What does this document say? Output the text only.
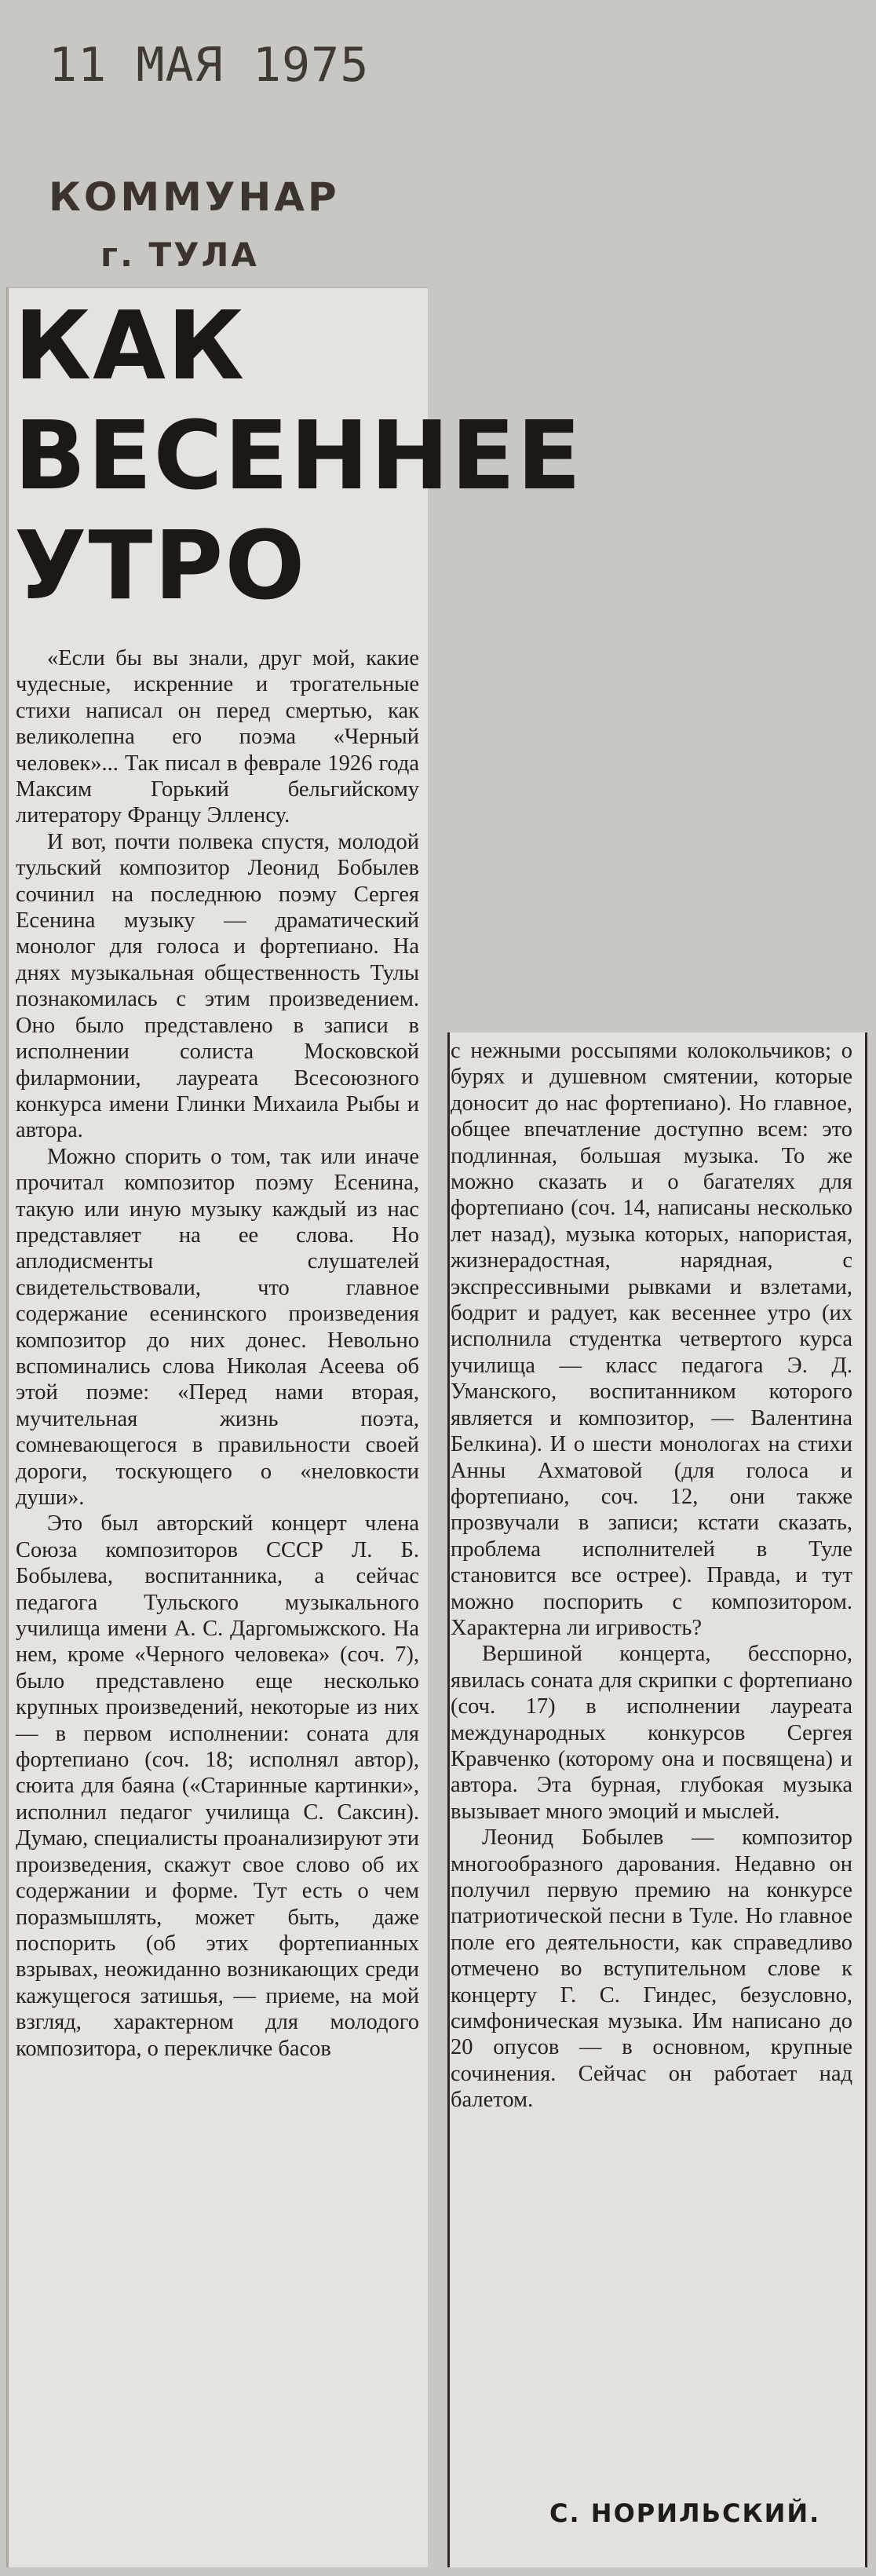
11 МАЯ 1975
КОММУНАР
г. ТУЛА
КАК
ВЕСЕННЕЕ
УТРО

«Если бы вы знали, друг мой, какие чудесные, искренние и трогательные стихи написал он перед смертью, как великолепна его поэма «Черный человек»... Так писал в феврале 1926 года Максим Горький бельгийскому литератору Францу Элленсу.

И вот, почти полвека спустя, молодой тульский композитор Леонид Бобылев сочинил на последнюю поэму Сергея Есенина музыку — драматический монолог для голоса и фортепиано. На днях музыкальная общественность Тулы познакомилась с этим произведением. Оно было представлено в записи в исполнении солиста Московской филармонии, лауреата Всесоюзного конкурса имени Глинки Михаила Рыбы и автора.

Можно спорить о том, так или иначе прочитал композитор поэму Есенина, такую или иную музыку каждый из нас представляет на ее слова. Но аплодисменты слушателей свидетельствовали, что главное содержание есенинского произведения композитор до них донес. Невольно вспоминались слова Николая Асеева об этой поэме: «Перед нами вторая, мучительная жизнь поэта, сомневающегося в правильности своей дороги, тоскующего о «неловкости души».

Это был авторский концерт члена Союза композиторов СССР Л. Б. Бобылева, воспитанника, а сейчас педагога Тульского музыкального училища имени А. С. Даргомыжского. На нем, кроме «Черного человека» (соч. 7), было представлено еще несколько крупных произведений, некоторые из них — в первом исполнении: соната для фортепиано (соч. 18; исполнял автор), сюита для баяна («Старинные картинки», исполнил педагог училища С. Саксин). Думаю, специалисты проанализируют эти произведения, скажут свое слово об их содержании и форме. Тут есть о чем поразмышлять, может быть, даже поспорить (об этих фортепианных взрывах, неожиданно возникающих среди кажущегося затишья, — приеме, на мой взгляд, характерном для молодого композитора, о перекличке басов

с нежными россыпями колокольчиков; о бурях и душевном смятении, которые доносит до нас фортепиано). Но главное, общее впечатление доступно всем: это подлинная, большая музыка. То же можно сказать и о багателях для фортепиано (соч. 14, написаны несколько лет назад), музыка которых, напористая, жизнерадостная, нарядная, с экспрессивными рывками и взлетами, бодрит и радует, как весеннее утро (их исполнила студентка четвертого курса училища — класс педагога Э. Д. Уманского, воспитанником которого является и композитор, — Валентина Белкина). И о шести монологах на стихи Анны Ахматовой (для голоса и фортепиано, соч. 12, они также прозвучали в записи; кстати сказать, проблема исполнителей в Туле становится все острее). Правда, и тут можно поспорить с композитором. Характерна ли игривость?

Вершиной концерта, бесспорно, явилась соната для скрипки с фортепиано (соч. 17) в исполнении лауреата международных конкурсов Сергея Кравченко (которому она и посвящена) и автора. Эта бурная, глубокая музыка вызывает много эмоций и мыслей.

Леонид Бобылев — композитор многообразного дарования. Недавно он получил первую премию на конкурсе патриотической песни в Туле. Но главное поле его деятельности, как справедливо отмечено во вступительном слове к концерту Г. С. Гиндес, безусловно, симфоническая музыка. Им написано до 20 опусов — в основном, крупные сочинения. Сейчас он работает над балетом.

С. НОРИЛЬСКИЙ.
